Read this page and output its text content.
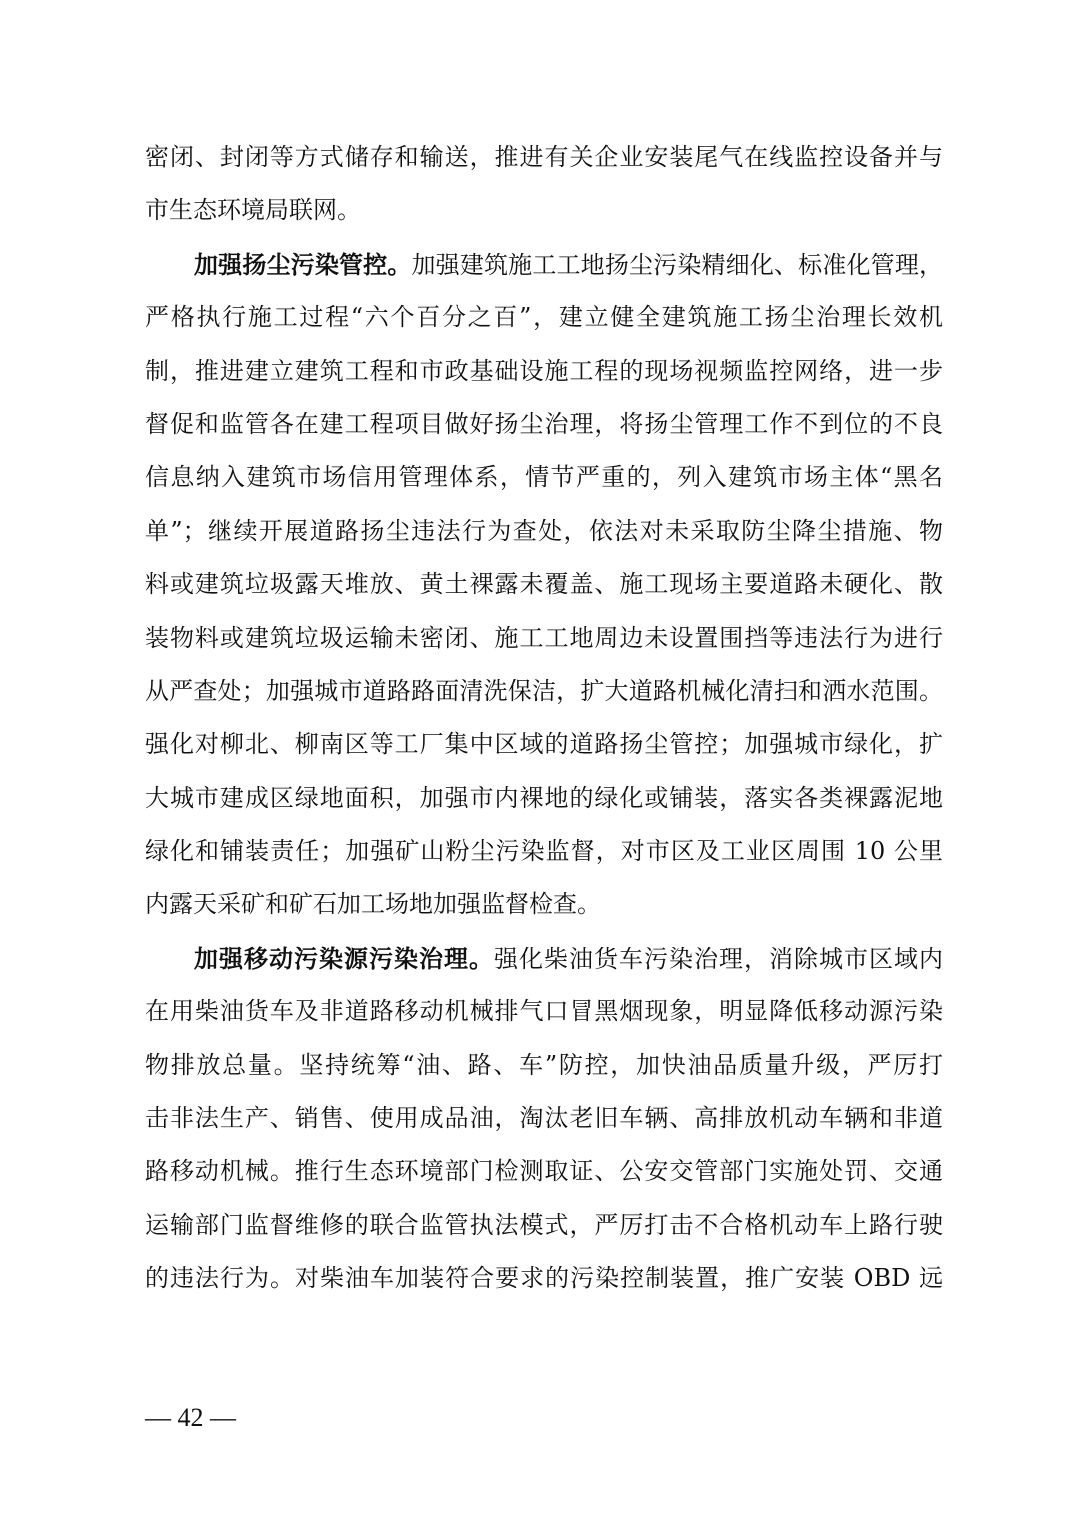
密闭、封闭等方式储存和输送，推进有关企业安装尾气在线监控设备并与
市生态环境局联网。
加强扬尘污染管控。加强建筑施工工地扬尘污染精细化、标准化管理，
严格执行施工过程“六个百分之百”，建立健全建筑施工扬尘治理长效机
制，推进建立建筑工程和市政基础设施工程的现场视频监控网络，进一步
督促和监管各在建工程项目做好扬尘治理，将扬尘管理工作不到位的不良
信息纳入建筑市场信用管理体系，情节严重的，列入建筑市场主体“黑名
单”；继续开展道路扬尘违法行为查处，依法对未采取防尘降尘措施、物
料或建筑垃圾露天堆放、黄土裸露未覆盖、施工现场主要道路未硬化、散
装物料或建筑垃圾运输未密闭、施工工地周边未设置围挡等违法行为进行
从严查处；加强城市道路路面清洗保洁，扩大道路机械化清扫和洒水范围。
强化对柳北、柳南区等工厂集中区域的道路扬尘管控；加强城市绿化，扩
大城市建成区绿地面积，加强市内裸地的绿化或铺装，落实各类裸露泥地
绿化和铺装责任；加强矿山粉尘污染监督，对市区及工业区周围 10 公里
内露天采矿和矿石加工场地加强监督检查。
加强移动污染源污染治理。强化柴油货车污染治理，消除城市区域内
在用柴油货车及非道路移动机械排气口冒黑烟现象，明显降低移动源污染
物排放总量。坚持统筹“油、路、车”防控，加快油品质量升级，严厉打
击非法生产、销售、使用成品油，淘汰老旧车辆、高排放机动车辆和非道
路移动机械。推行生态环境部门检测取证、公安交管部门实施处罚、交通
运输部门监督维修的联合监管执法模式，严厉打击不合格机动车上路行驶
的违法行为。对柴油车加装符合要求的污染控制装置，推广安装 OBD 远
— 42 —
